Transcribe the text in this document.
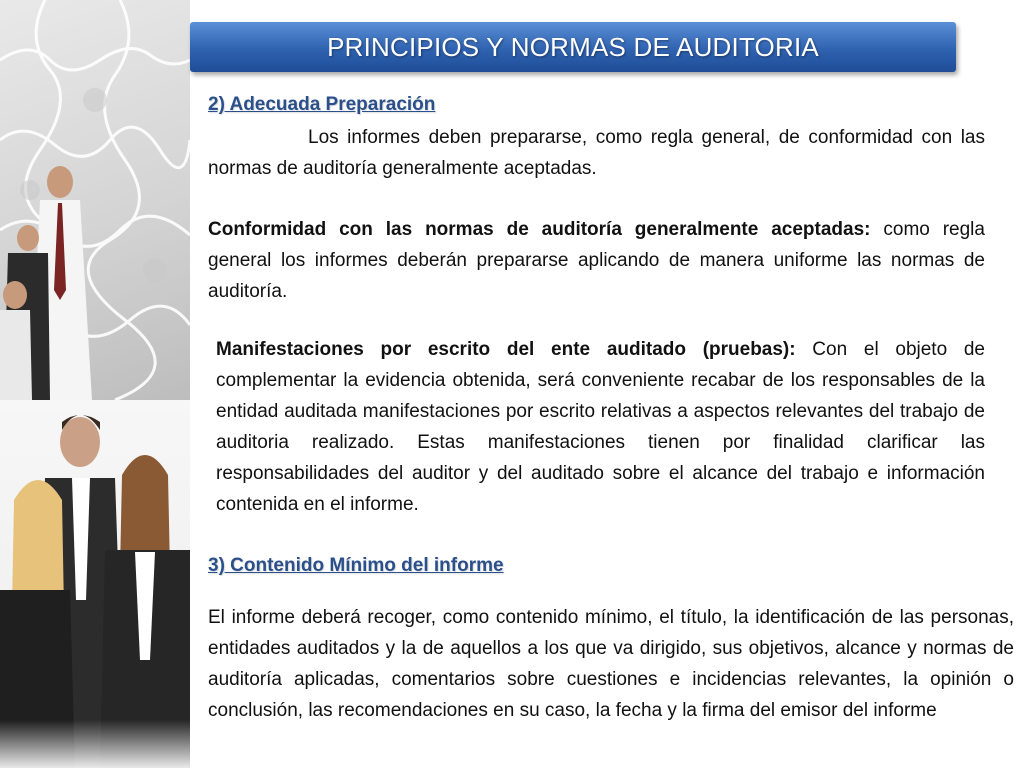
PRINCIPIOS Y NORMAS DE AUDITORIA
2) Adecuada Preparación

Los informes deben prepararse, como regla general, de conformidad con las normas de auditoría generalmente aceptadas.

Conformidad con las normas de auditoría generalmente aceptadas: como regla general los informes deberán prepararse aplicando de manera uniforme las normas de auditoría.

Manifestaciones por escrito del ente auditado (pruebas): Con el objeto de complementar la evidencia obtenida, será conveniente recabar de los responsables de la entidad auditada manifestaciones por escrito relativas a aspectos relevantes del trabajo de auditoria realizado. Estas manifestaciones tienen por finalidad clarificar las responsabilidades del auditor y del auditado sobre el alcance del trabajo e información contenida en el informe.

3) Contenido Mínimo del informe

El informe deberá recoger, como contenido mínimo, el título, la identificación de las personas, entidades auditados y la de aquellos a los que va dirigido, sus objetivos, alcance y normas de auditoría aplicadas, comentarios sobre cuestiones e incidencias relevantes, la opinión o conclusión, las recomendaciones en su caso, la fecha y la firma del emisor del informe
